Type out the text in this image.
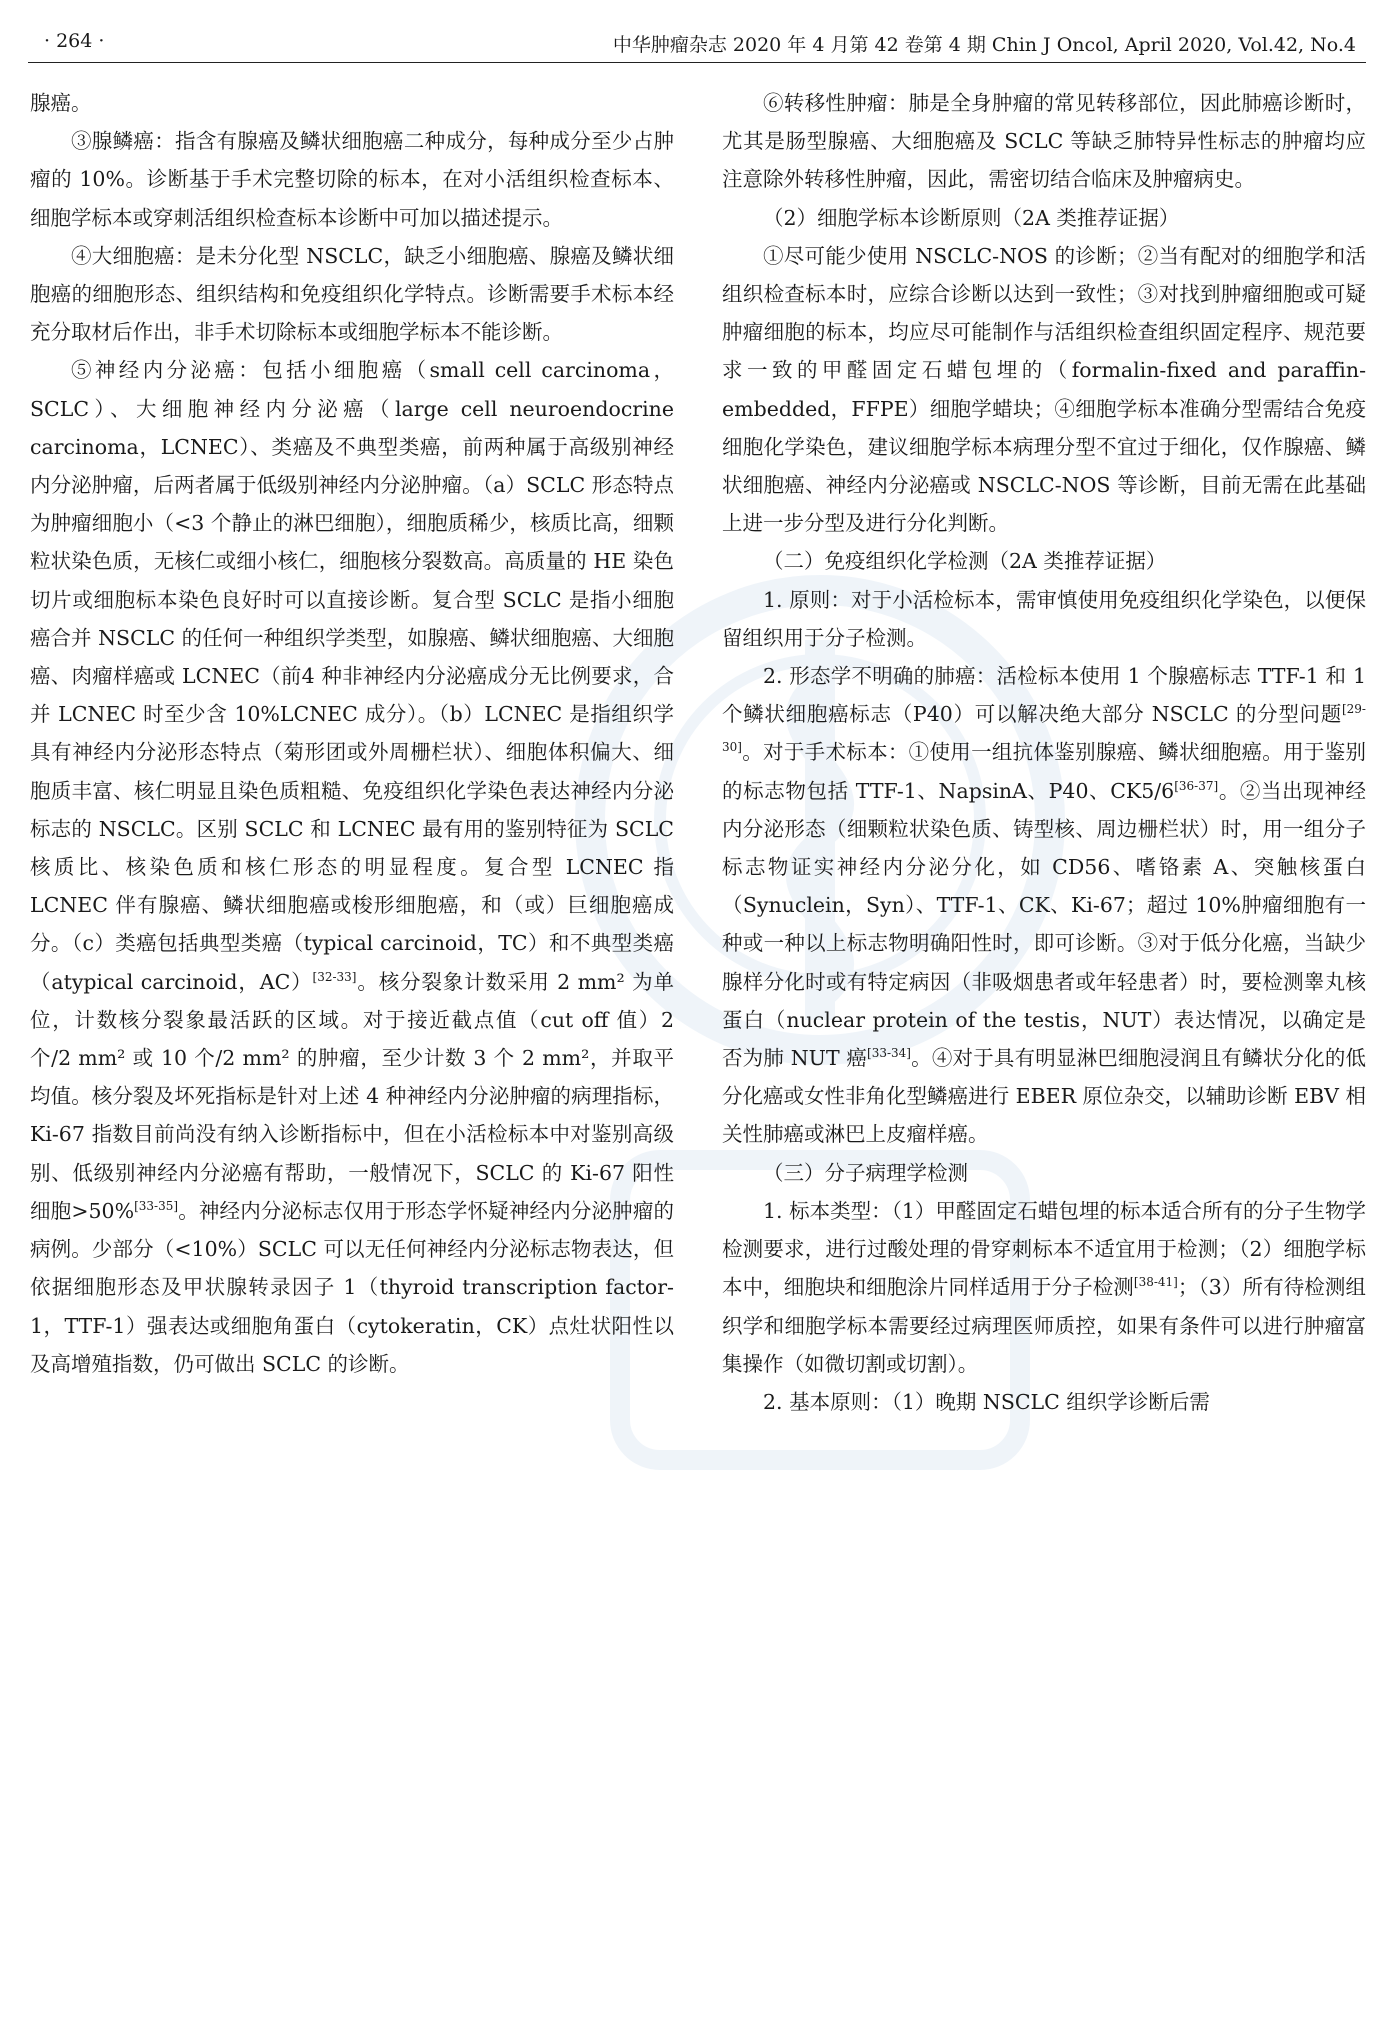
· 264 ·	中华肿瘤杂志 2020 年 4 月第 42 卷第 4 期 Chin J Oncol, April 2020, Vol.42, No.4

腺癌。

③腺鳞癌：指含有腺癌及鳞状细胞癌二种成分，每种成分至少占肿瘤的 10%。诊断基于手术完整切除的标本，在对小活组织检查标本、细胞学标本或穿刺活组织检查标本诊断中可加以描述提示。

④大细胞癌：是未分化型 NSCLC，缺乏小细胞癌、腺癌及鳞状细胞癌的细胞形态、组织结构和免疫组织化学特点。诊断需要手术标本经充分取材后作出，非手术切除标本或细胞学标本不能诊断。

⑤神经内分泌癌：包括小细胞癌（small cell carcinoma，SCLC）、大细胞神经内分泌癌（large cell neuroendocrine carcinoma，LCNEC）、类癌及不典型类癌，前两种属于高级别神经内分泌肿瘤，后两者属于低级别神经内分泌肿瘤。（a）SCLC 形态特点为肿瘤细胞小（<3 个静止的淋巴细胞），细胞质稀少，核质比高，细颗粒状染色质，无核仁或细小核仁，细胞核分裂数高。高质量的 HE 染色切片或细胞标本染色良好时可以直接诊断。复合型 SCLC 是指小细胞癌合并 NSCLC 的任何一种组织学类型，如腺癌、鳞状细胞癌、大细胞癌、肉瘤样癌或 LCNEC（前4 种非神经内分泌癌成分无比例要求，合并 LCNEC 时至少含 10%LCNEC 成分）。（b）LCNEC 是指组织学具有神经内分泌形态特点（菊形团或外周栅栏状）、细胞体积偏大、细胞质丰富、核仁明显且染色质粗糙、免疫组织化学染色表达神经内分泌标志的 NSCLC。区别 SCLC 和 LCNEC 最有用的鉴别特征为 SCLC 核质比、核染色质和核仁形态的明显程度。复合型 LCNEC 指 LCNEC 伴有腺癌、鳞状细胞癌或梭形细胞癌，和（或）巨细胞癌成分。（c）类癌包括典型类癌（typical carcinoid，TC）和不典型类癌（atypical carcinoid，AC）[32-33]。核分裂象计数采用 2 mm² 为单位，计数核分裂象最活跃的区域。对于接近截点值（cut off 值）2 个/2 mm² 或 10 个/2 mm² 的肿瘤，至少计数 3 个 2 mm²，并取平均值。核分裂及坏死指标是针对上述 4 种神经内分泌肿瘤的病理指标，Ki-67 指数目前尚没有纳入诊断指标中，但在小活检标本中对鉴别高级别、低级别神经内分泌癌有帮助，一般情况下，SCLC 的 Ki-67 阳性细胞>50%[33-35]。神经内分泌标志仅用于形态学怀疑神经内分泌肿瘤的病例。少部分（<10%）SCLC 可以无任何神经内分泌标志物表达，但依据细胞形态及甲状腺转录因子 1（thyroid transcription factor-1，TTF-1）强表达或细胞角蛋白（cytokeratin，CK）点灶状阳性以及高增殖指数，仍可做出 SCLC 的诊断。

⑥转移性肿瘤：肺是全身肿瘤的常见转移部位，因此肺癌诊断时，尤其是肠型腺癌、大细胞癌及 SCLC 等缺乏肺特异性标志的肿瘤均应注意除外转移性肿瘤，因此，需密切结合临床及肿瘤病史。

（2）细胞学标本诊断原则（2A 类推荐证据）

①尽可能少使用 NSCLC-NOS 的诊断；②当有配对的细胞学和活组织检查标本时，应综合诊断以达到一致性；③对找到肿瘤细胞或可疑肿瘤细胞的标本，均应尽可能制作与活组织检查组织固定程序、规范要求一致的甲醛固定石蜡包埋的（formalin-fixed and paraffin-embedded，FFPE）细胞学蜡块；④细胞学标本准确分型需结合免疫细胞化学染色，建议细胞学标本病理分型不宜过于细化，仅作腺癌、鳞状细胞癌、神经内分泌癌或 NSCLC-NOS 等诊断，目前无需在此基础上进一步分型及进行分化判断。

（二）免疫组织化学检测（2A 类推荐证据）

1. 原则：对于小活检标本，需审慎使用免疫组织化学染色，以便保留组织用于分子检测。

2. 形态学不明确的肺癌：活检标本使用 1 个腺癌标志 TTF-1 和 1 个鳞状细胞癌标志（P40）可以解决绝大部分 NSCLC 的分型问题[29-30]。对于手术标本：①使用一组抗体鉴别腺癌、鳞状细胞癌。用于鉴别的标志物包括 TTF-1、NapsinA、P40、CK5/6[36-37]。②当出现神经内分泌形态（细颗粒状染色质、铸型核、周边栅栏状）时，用一组分子标志物证实神经内分泌分化，如 CD56、嗜铬素 A、突触核蛋白（Synuclein，Syn）、TTF-1、CK、Ki-67；超过 10%肿瘤细胞有一种或一种以上标志物明确阳性时，即可诊断。③对于低分化癌，当缺少腺样分化时或有特定病因（非吸烟患者或年轻患者）时，要检测睾丸核蛋白（nuclear protein of the testis，NUT）表达情况，以确定是否为肺 NUT 癌[33-34]。④对于具有明显淋巴细胞浸润且有鳞状分化的低分化癌或女性非角化型鳞癌进行 EBER 原位杂交，以辅助诊断 EBV 相关性肺癌或淋巴上皮瘤样癌。

（三）分子病理学检测

1. 标本类型：（1）甲醛固定石蜡包埋的标本适合所有的分子生物学检测要求，进行过酸处理的骨穿刺标本不适宜用于检测；（2）细胞学标本中，细胞块和细胞涂片同样适用于分子检测[38-41]；（3）所有待检测组织学和细胞学标本需要经过病理医师质控，如果有条件可以进行肿瘤富集操作（如微切割或切割）。

2. 基本原则：（1）晚期 NSCLC 组织学诊断后需
